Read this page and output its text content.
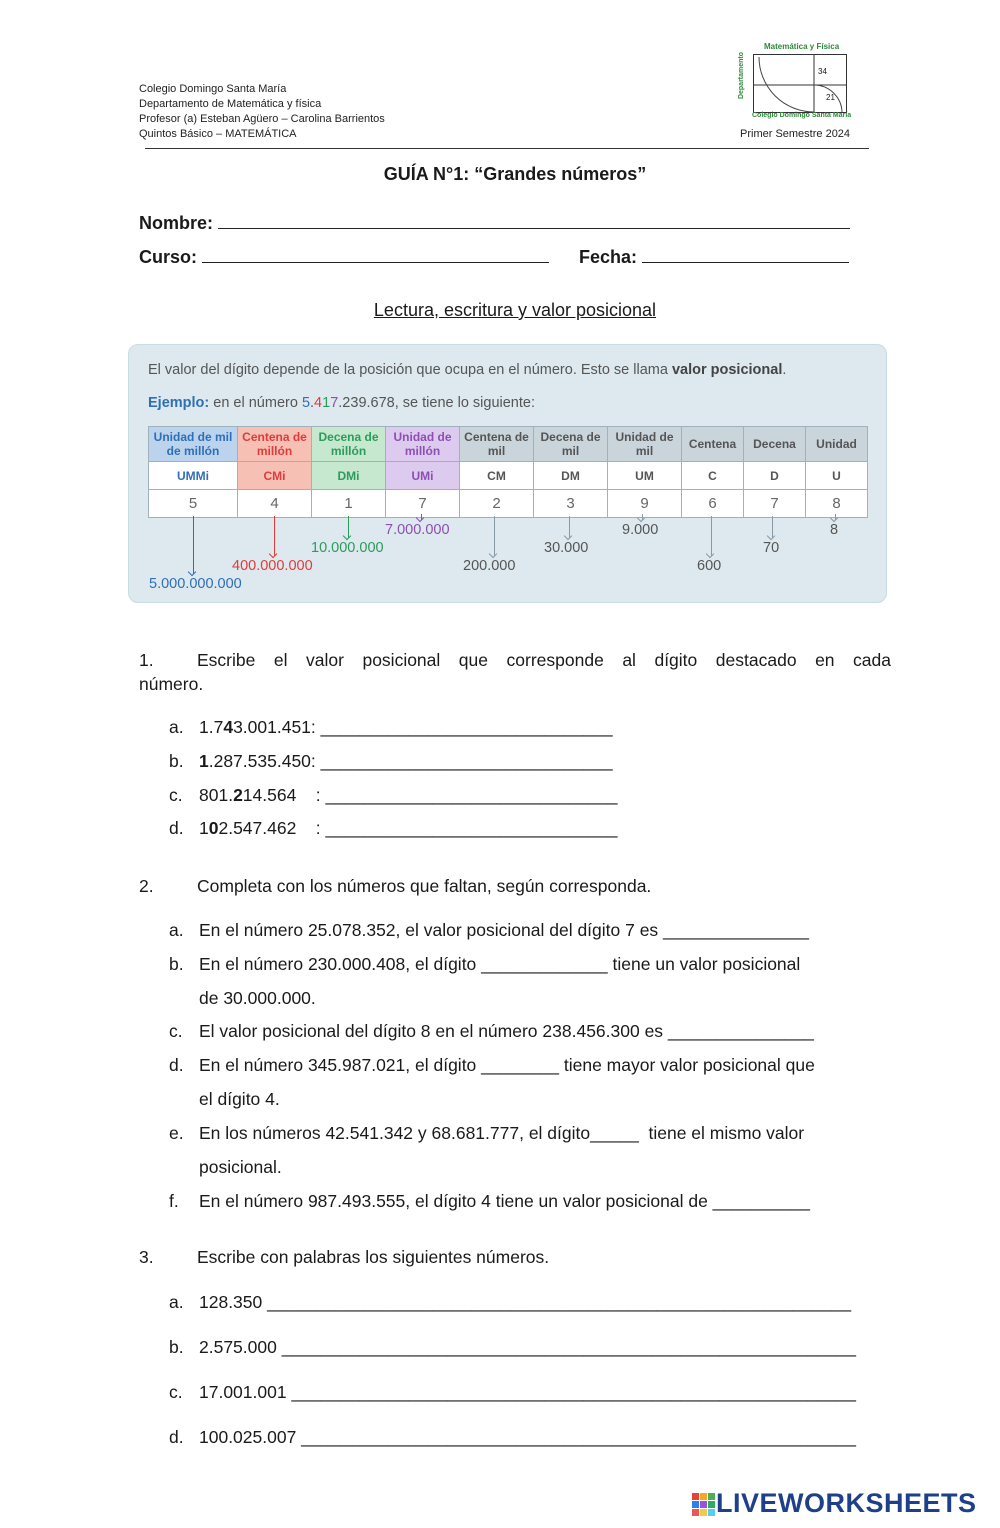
Colegio Domingo Santa María
Departamento de Matemática y física
Profesor (a) Esteban Agüero – Carolina Barrientos
Quintos Básico – MATEMÁTICA	Primer Semestre 2024
Matemática y Física
Departamento	34
21
Colegio Domingo Santa María
GUÍA N°1: “Grandes números”
Nombre:
Curso:	Fecha:
Lectura, escritura y valor posicional
El valor del dígito depende de la posición que ocupa en el número. Esto se llama valor posicional.
Ejemplo: en el número 5.417.239.678, se tiene lo siguiente:
Unidad de mil de millón	Centena de millón	Decena de millón	Unidad de millón	Centena de mil	Decena de mil	Unidad de mil	Centena	Decena	Unidad
UMMi	CMi	DMi	UMi	CM	DM	UM	C	D	U
5	4	1	7	2	3	9	6	7	8
5.000.000.000
400.000.000
10.000.000
7.000.000
200.000
30.000
9.000
600
70
8
1. Escribe el valor posicional que corresponde al dígito destacado en cada
número.
a. 1.743.001.451: ______________________________
b. 1.287.535.450: ______________________________
c. 801.214.564    : ______________________________
d. 102.547.462    : ______________________________
2. Completa con los números que faltan, según corresponda.
a. En el número 25.078.352, el valor posicional del dígito 7 es _______________
b. En el número 230.000.408, el dígito _____________ tiene un valor posicional
de 30.000.000.
c. El valor posicional del dígito 8 en el número 238.456.300 es _______________
d. En el número 345.987.021, el dígito ________ tiene mayor valor posicional que
el dígito 4.
e. En los números 42.541.342 y 68.681.777, el dígito_____  tiene el mismo valor
posicional.
f. En el número 987.493.555, el dígito 4 tiene un valor posicional de __________
3. Escribe con palabras los siguientes números.
a. 128.350 ____________________________________________________________
b. 2.575.000 ___________________________________________________________
c. 17.001.001 __________________________________________________________
d. 100.025.007 _________________________________________________________
LIVEWORKSHEETS
